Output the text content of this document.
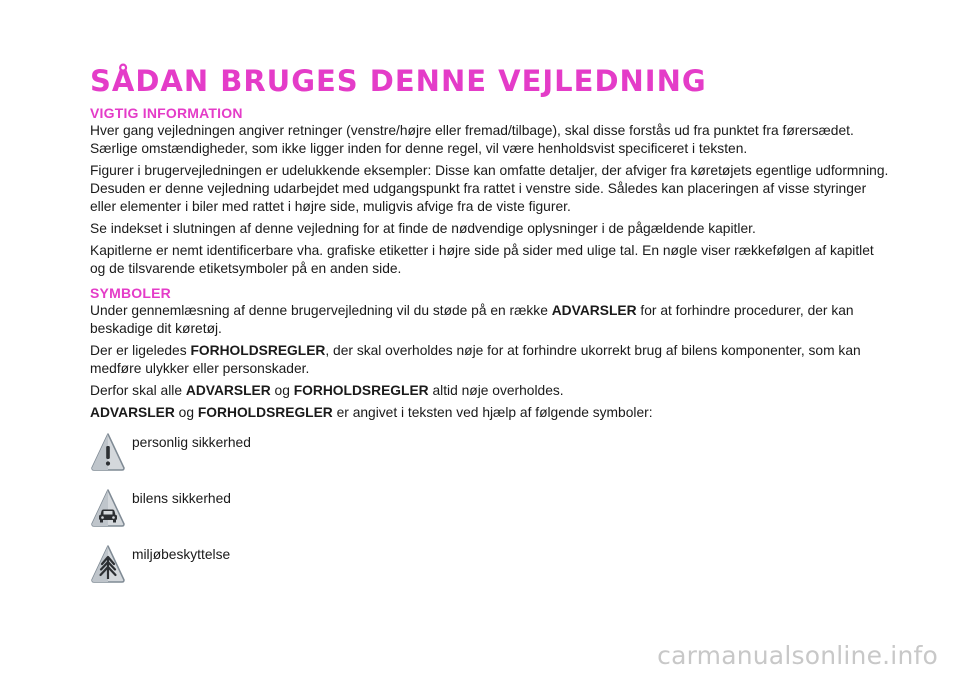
SÅDAN BRUGES DENNE VEJLEDNING
VIGTIG INFORMATION

Hver gang vejledningen angiver retninger (venstre/højre eller fremad/tilbage), skal disse forstås ud fra punktet fra førersædet. Særlige omstændigheder, som ikke ligger inden for denne regel, vil være henholdsvist specificeret i teksten.

Figurer i brugervejledningen er udelukkende eksempler: Disse kan omfatte detaljer, der afviger fra køretøjets egentlige udformning. Desuden er denne vejledning udarbejdet med udgangspunkt fra rattet i venstre side. Således kan placeringen af visse styringer eller elementer i biler med rattet i højre side, muligvis afvige fra de viste figurer.

Se indekset i slutningen af denne vejledning for at finde de nødvendige oplysninger i de pågældende kapitler.

Kapitlerne er nemt identificerbare vha. grafiske etiketter i højre side på sider med ulige tal. En nøgle viser rækkefølgen af kapitlet og de tilsvarende etiketsymboler på en anden side.

SYMBOLER

Under gennemlæsning af denne brugervejledning vil du støde på en række ADVARSLER for at forhindre procedurer, der kan beskadige dit køretøj.

Der er ligeledes FORHOLDSREGLER, der skal overholdes nøje for at forhindre ukorrekt brug af bilens komponenter, som kan medføre ulykker eller personskader.

Derfor skal alle ADVARSLER og FORHOLDSREGLER altid nøje overholdes.

ADVARSLER og FORHOLDSREGLER er angivet i teksten ved hjælp af følgende symboler:

personlig sikkerhed
bilens sikkerhed
miljøbeskyttelse
carmanualsonline.info
